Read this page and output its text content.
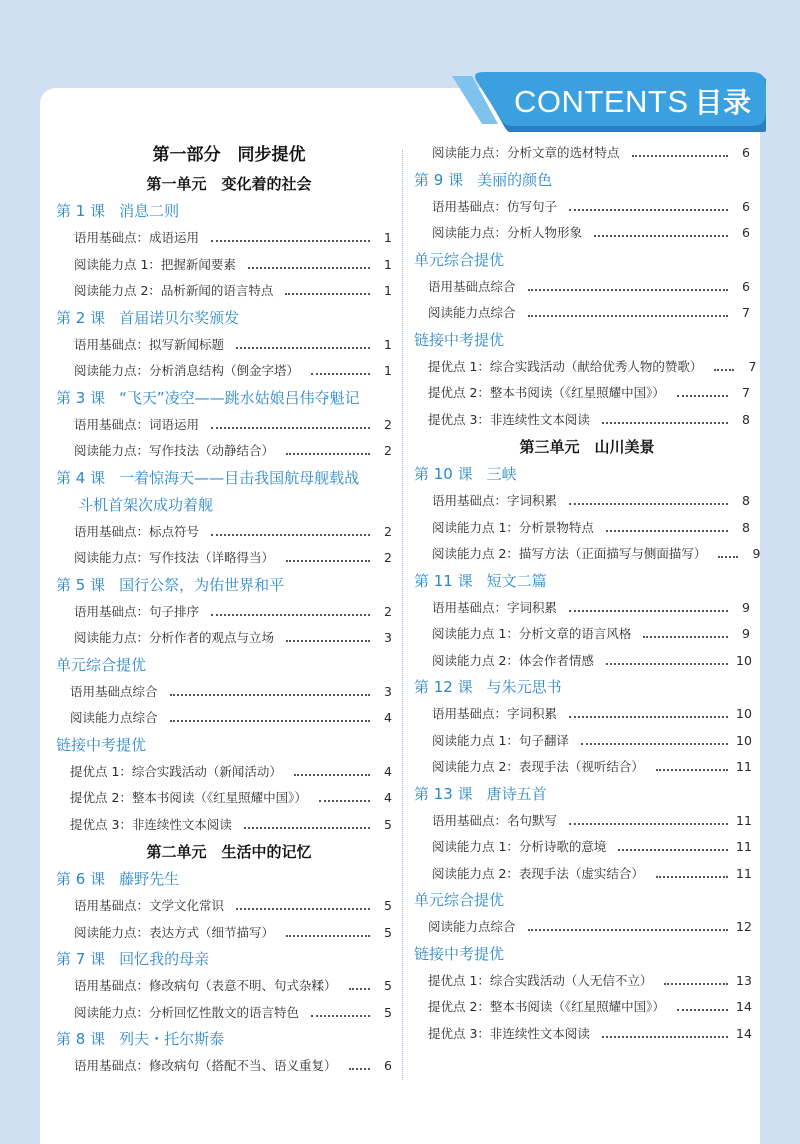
CONTENTS 目录
第一部分　同步提优
第一单元　变化着的社会
第 1 课 消息二则
语用基础点：成语运用	1
阅读能力点 1：把握新闻要素	1
阅读能力点 2：品析新闻的语言特点	1
第 2 课 首届诺贝尔奖颁发
语用基础点：拟写新闻标题	1
阅读能力点：分析消息结构（倒金字塔）	1
第 3 课 “飞天”凌空——跳水姑娘吕伟夺魁记
语用基础点：词语运用	2
阅读能力点：写作技法（动静结合）	2
第 4 课 一着惊海天——目击我国航母舰载战
斗机首架次成功着舰
语用基础点：标点符号	2
阅读能力点：写作技法（详略得当）	2
第 5 课 国行公祭，为佑世界和平
语用基础点：句子排序	2
阅读能力点：分析作者的观点与立场	3
单元综合提优
语用基础点综合	3
阅读能力点综合	4
链接中考提优
提优点 1：综合实践活动（新闻活动）	4
提优点 2：整本书阅读（《红星照耀中国》）	4
提优点 3：非连续性文本阅读	5
第二单元　生活中的记忆
第 6 课 藤野先生
语用基础点：文学文化常识	5
阅读能力点：表达方式（细节描写）	5
第 7 课 回忆我的母亲
语用基础点：修改病句（表意不明、句式杂糅）	5
阅读能力点：分析回忆性散文的语言特色	5
第 8 课 列夫・托尔斯泰
语用基础点：修改病句（搭配不当、语义重复）	6
阅读能力点：分析文章的选材特点	6
第 9 课 美丽的颜色
语用基础点：仿写句子	6
阅读能力点：分析人物形象	6
单元综合提优
语用基础点综合	6
阅读能力点综合	7
链接中考提优
提优点 1：综合实践活动（献给优秀人物的赞歌）	7
提优点 2：整本书阅读（《红星照耀中国》）	7
提优点 3：非连续性文本阅读	8
第三单元　山川美景
第 10 课 三峡
语用基础点：字词积累	8
阅读能力点 1：分析景物特点	8
阅读能力点 2：描写方法（正面描写与侧面描写）	9
第 11 课 短文二篇
语用基础点：字词积累	9
阅读能力点 1：分析文章的语言风格	9
阅读能力点 2：体会作者情感	10
第 12 课 与朱元思书
语用基础点：字词积累	10
阅读能力点 1：句子翻译	10
阅读能力点 2：表现手法（视听结合）	11
第 13 课 唐诗五首
语用基础点：名句默写	11
阅读能力点 1：分析诗歌的意境	11
阅读能力点 2：表现手法（虚实结合）	11
单元综合提优
阅读能力点综合	12
链接中考提优
提优点 1：综合实践活动（人无信不立）	13
提优点 2：整本书阅读（《红星照耀中国》）	14
提优点 3：非连续性文本阅读	14
